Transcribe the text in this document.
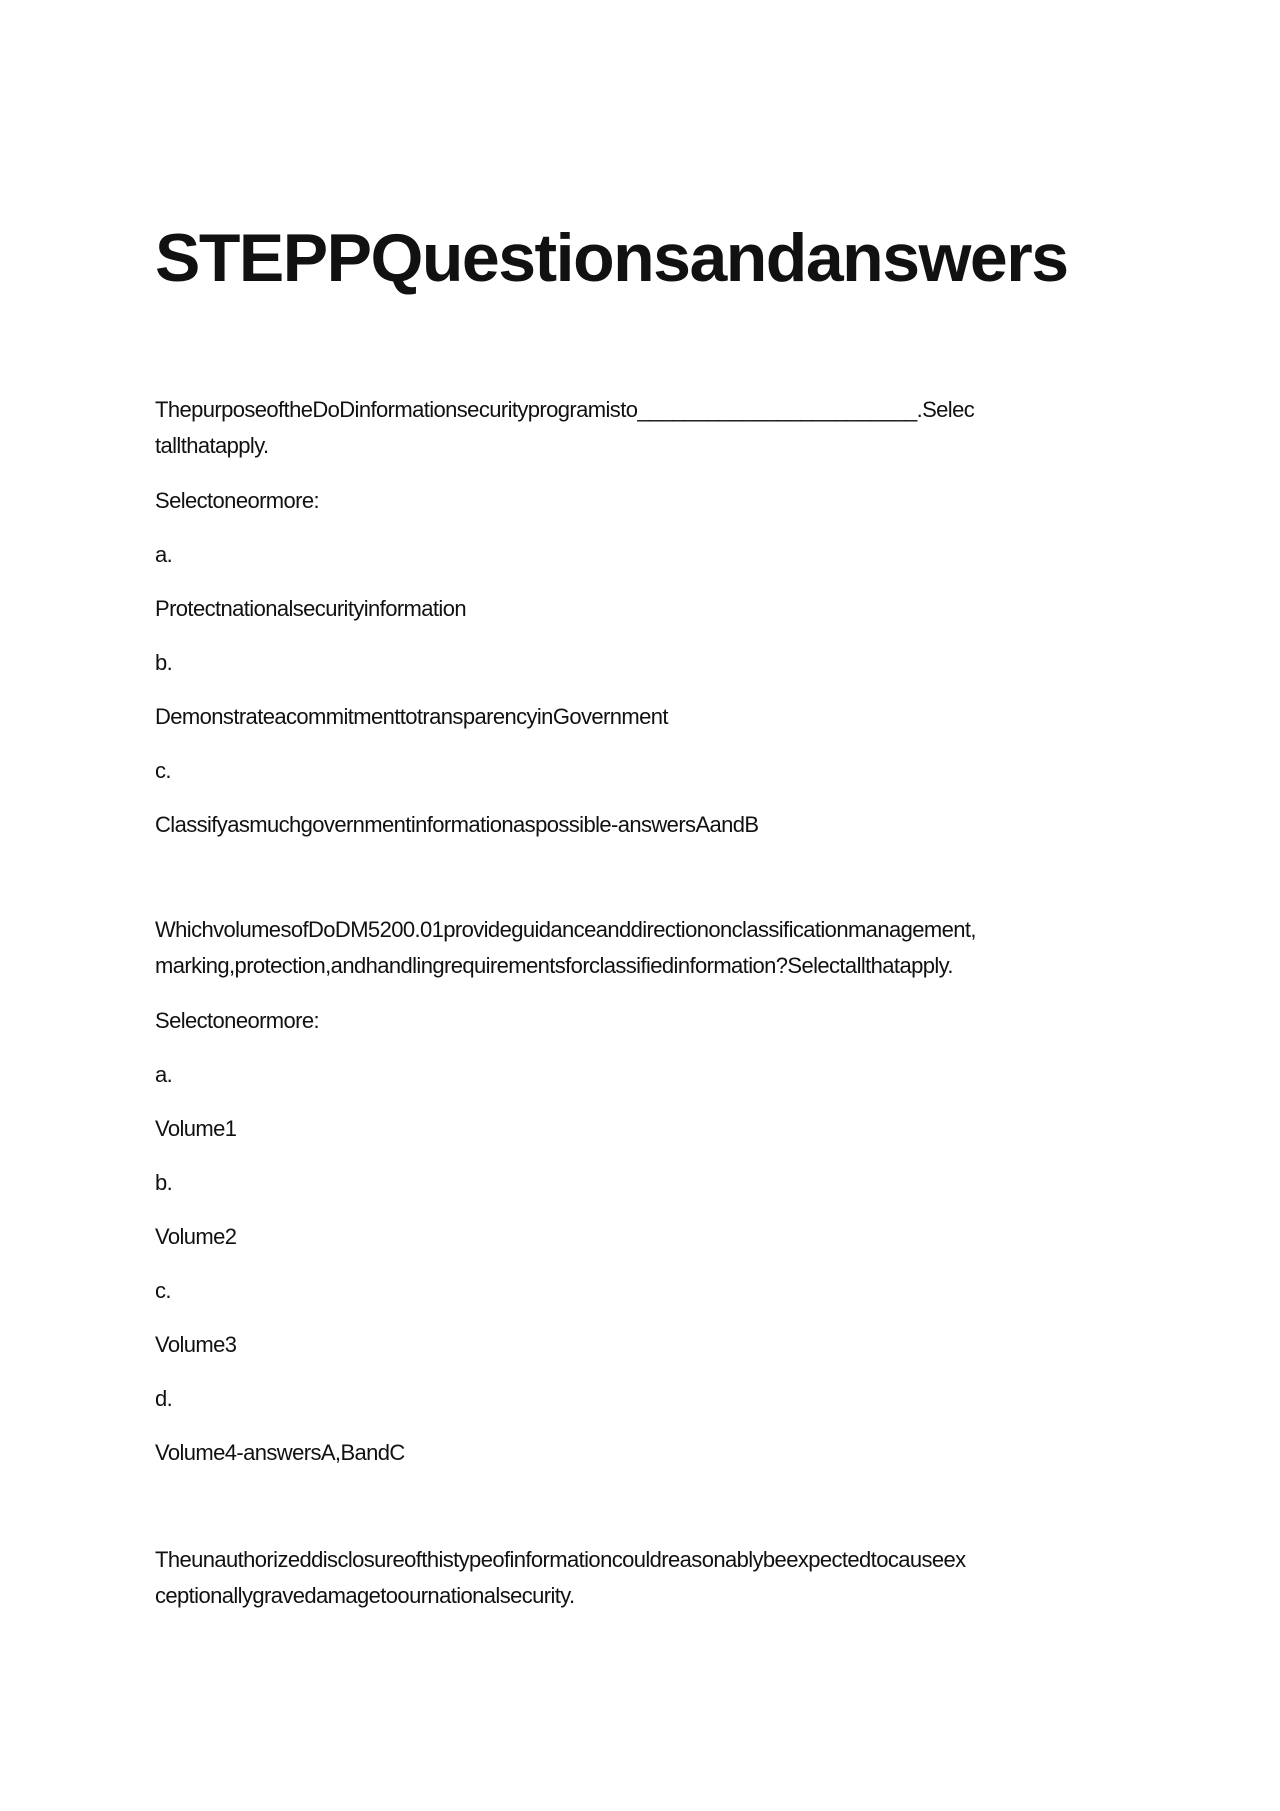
STEPPQuestionsandanswers

ThepurposeoftheDoDinformationsecurityprogramisto________________________.Selec

tallthatapply.

Selectoneormore:

a.

Protectnationalsecurityinformation

b.

DemonstrateacommitmenttotransparencyinGovernment

c.

Classifyasmuchgovernmentinformationaspossible-answersAandB

WhichvolumesofDoDM5200.01provideguidanceanddirectiononclassificationmanagement,

marking,protection,andhandlingrequirementsforclassifiedinformation?Selectallthatapply.

Selectoneormore:

a.

Volume1

b.

Volume2

c.

Volume3

d.

Volume4-answersA,BandC

Theunauthorizeddisclosureofthistypeofinformationcouldreasonablybeexpectedtocauseex

ceptionallygravedamagetoournationalsecurity.
